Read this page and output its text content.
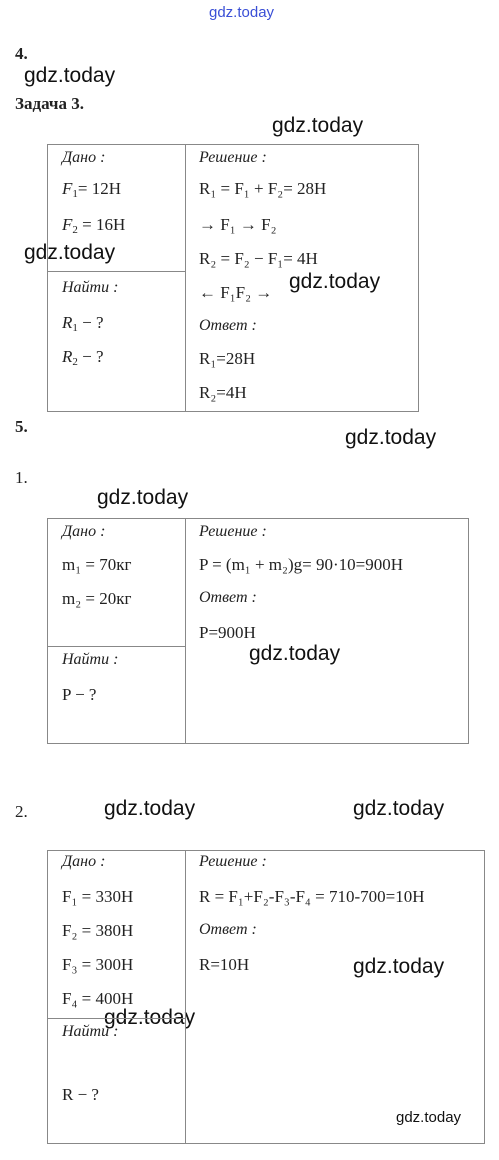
gdz.today
gdz.today
gdz.today
gdz.today
gdz.today
gdz.today
gdz.today
gdz.today
gdz.today	gdz.today
gdz.today
gdz.today
gdz.today
4.
Задача 3.
Дано :
$F_1= 12Н$
$F_2 = 16Н$
Найти :
$R_1$ − ?
$R_2$ − ?
Решение :
R₁ = F₁ + F₂= 28Н
→ F₁ → F₂
R₂ = F₂ − F₁= 4Н
← F₁F₂ →
Ответ :
R₁=28Н
R₂=4Н
5.
1.
Дано :
m₁ = 70кг
m₂ = 20кг
Найти :
P − ?
Решение :
P = (m₁ + m₂)g= 90·10=900Н
Ответ :
P=900Н
2.
Дано :
F₁ = 330Н
F₂ = 380Н
F₃ = 300Н
F₄ = 400Н
Найти :
R − ?
Решение :
R = F₁+F₂-F₃-F₄ = 710-700=10Н
Ответ :
R=10Н
